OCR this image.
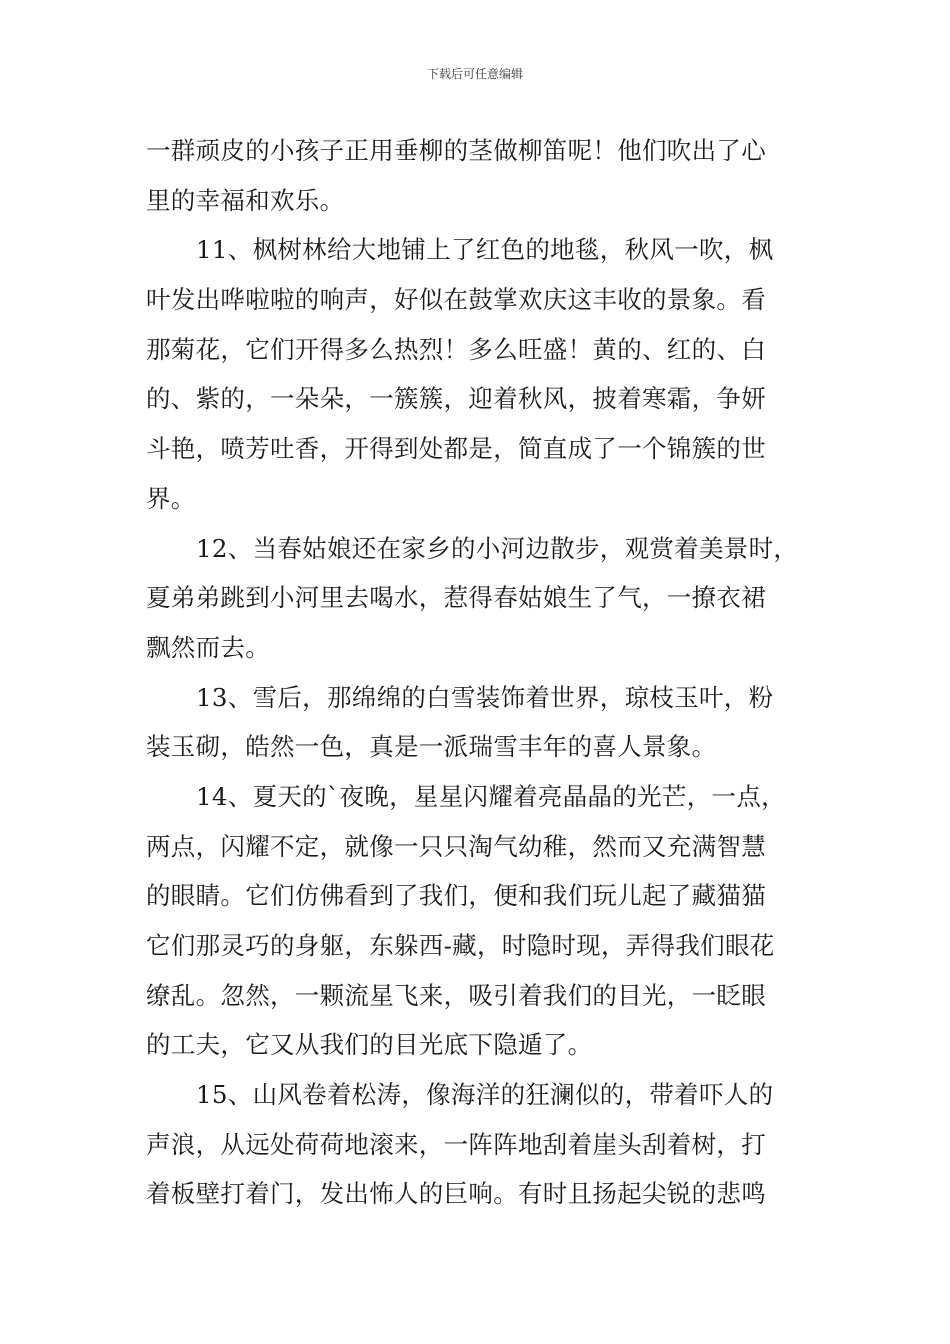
下载后可任意编辑
一群顽皮的小孩子正用垂柳的茎做柳笛呢！他们吹出了心
里的幸福和欢乐。
11、枫树林给大地铺上了红色的地毯，秋风一吹，枫
叶发出哗啦啦的响声，好似在鼓掌欢庆这丰收的景象。看
那菊花，它们开得多么热烈！多么旺盛！黄的、红的、白
的、紫的，一朵朵，一簇簇，迎着秋风，披着寒霜，争妍
斗艳，喷芳吐香，开得到处都是，简直成了一个锦簇的世
界。
12、当春姑娘还在家乡的小河边散步，观赏着美景时，
夏弟弟跳到小河里去喝水，惹得春姑娘生了气，一撩衣裙
飘然而去。
13、雪后，那绵绵的白雪装饰着世界，琼枝玉叶，粉
装玉砌，皓然一色，真是一派瑞雪丰年的喜人景象。
14、夏天的`夜晚，星星闪耀着亮晶晶的光芒，一点，
两点，闪耀不定，就像一只只淘气幼稚，然而又充满智慧
的眼睛。它们仿佛看到了我们，便和我们玩儿起了藏猫猫
它们那灵巧的身躯，东躲西-藏，时隐时现，弄得我们眼花
缭乱。忽然，一颗流星飞来，吸引着我们的目光，一眨眼
的工夫，它又从我们的目光底下隐遁了。
15、山风卷着松涛，像海洋的狂澜似的，带着吓人的
声浪，从远处荷荷地滚来，一阵阵地刮着崖头刮着树，打
着板壁打着门，发出怖人的巨响。有时且扬起尖锐的悲鸣
